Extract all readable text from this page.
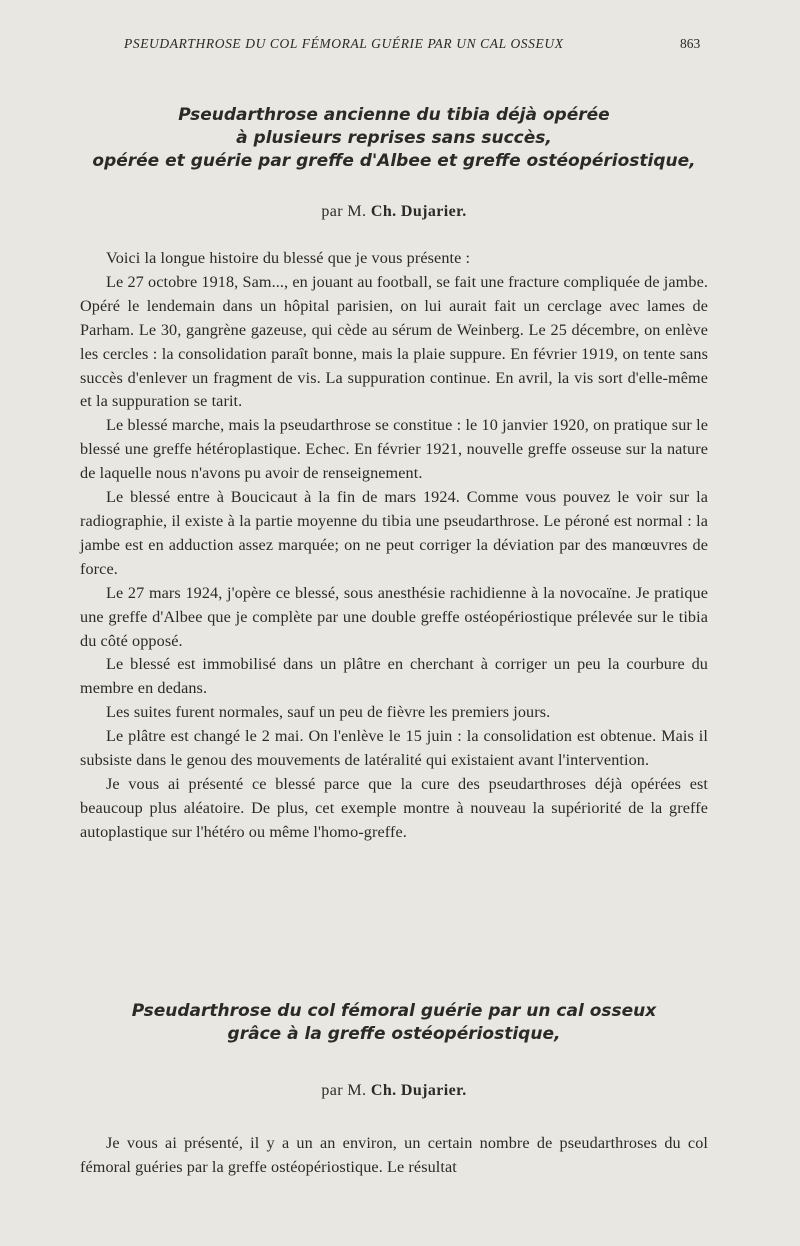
PSEUDARTHROSE DU COL FÉMORAL GUÉRIE PAR UN CAL OSSEUX	863
Pseudarthrose ancienne du tibia déjà opérée
à plusieurs reprises sans succès,
opérée et guérie par greffe d'Albee et greffe ostéopériostique,
par M. Ch. Dujarier.

Voici la longue histoire du blessé que je vous présente :

Le 27 octobre 1918, Sam..., en jouant au football, se fait une fracture compliquée de jambe. Opéré le lendemain dans un hôpital parisien, on lui aurait fait un cerclage avec lames de Parham. Le 30, gangrène gazeuse, qui cède au sérum de Weinberg. Le 25 décembre, on enlève les cercles : la consolidation paraît bonne, mais la plaie suppure. En février 1919, on tente sans succès d'enlever un fragment de vis. La suppuration continue. En avril, la vis sort d'elle-même et la suppuration se tarit.

Le blessé marche, mais la pseudarthrose se constitue : le 10 janvier 1920, on pratique sur le blessé une greffe hétéroplastique. Echec. En février 1921, nouvelle greffe osseuse sur la nature de laquelle nous n'avons pu avoir de renseignement.

Le blessé entre à Boucicaut à la fin de mars 1924. Comme vous pouvez le voir sur la radiographie, il existe à la partie moyenne du tibia une pseudarthrose. Le péroné est normal : la jambe est en adduction assez marquée; on ne peut corriger la déviation par des manœuvres de force.

Le 27 mars 1924, j'opère ce blessé, sous anesthésie rachidienne à la novocaïne. Je pratique une greffe d'Albee que je complète par une double greffe ostéopériostique prélevée sur le tibia du côté opposé.

Le blessé est immobilisé dans un plâtre en cherchant à corriger un peu la courbure du membre en dedans.

Les suites furent normales, sauf un peu de fièvre les premiers jours.

Le plâtre est changé le 2 mai. On l'enlève le 15 juin : la consolidation est obtenue. Mais il subsiste dans le genou des mouvements de latéralité qui existaient avant l'intervention.

Je vous ai présenté ce blessé parce que la cure des pseudarthroses déjà opérées est beaucoup plus aléatoire. De plus, cet exemple montre à nouveau la supériorité de la greffe autoplastique sur l'hétéro ou même l'homo-greffe.

Pseudarthrose du col fémoral guérie par un cal osseux
grâce à la greffe ostéopériostique,
par M. Ch. Dujarier.

Je vous ai présenté, il y a un an environ, un certain nombre de pseudarthroses du col fémoral guéries par la greffe ostéopériostique. Le résultat
